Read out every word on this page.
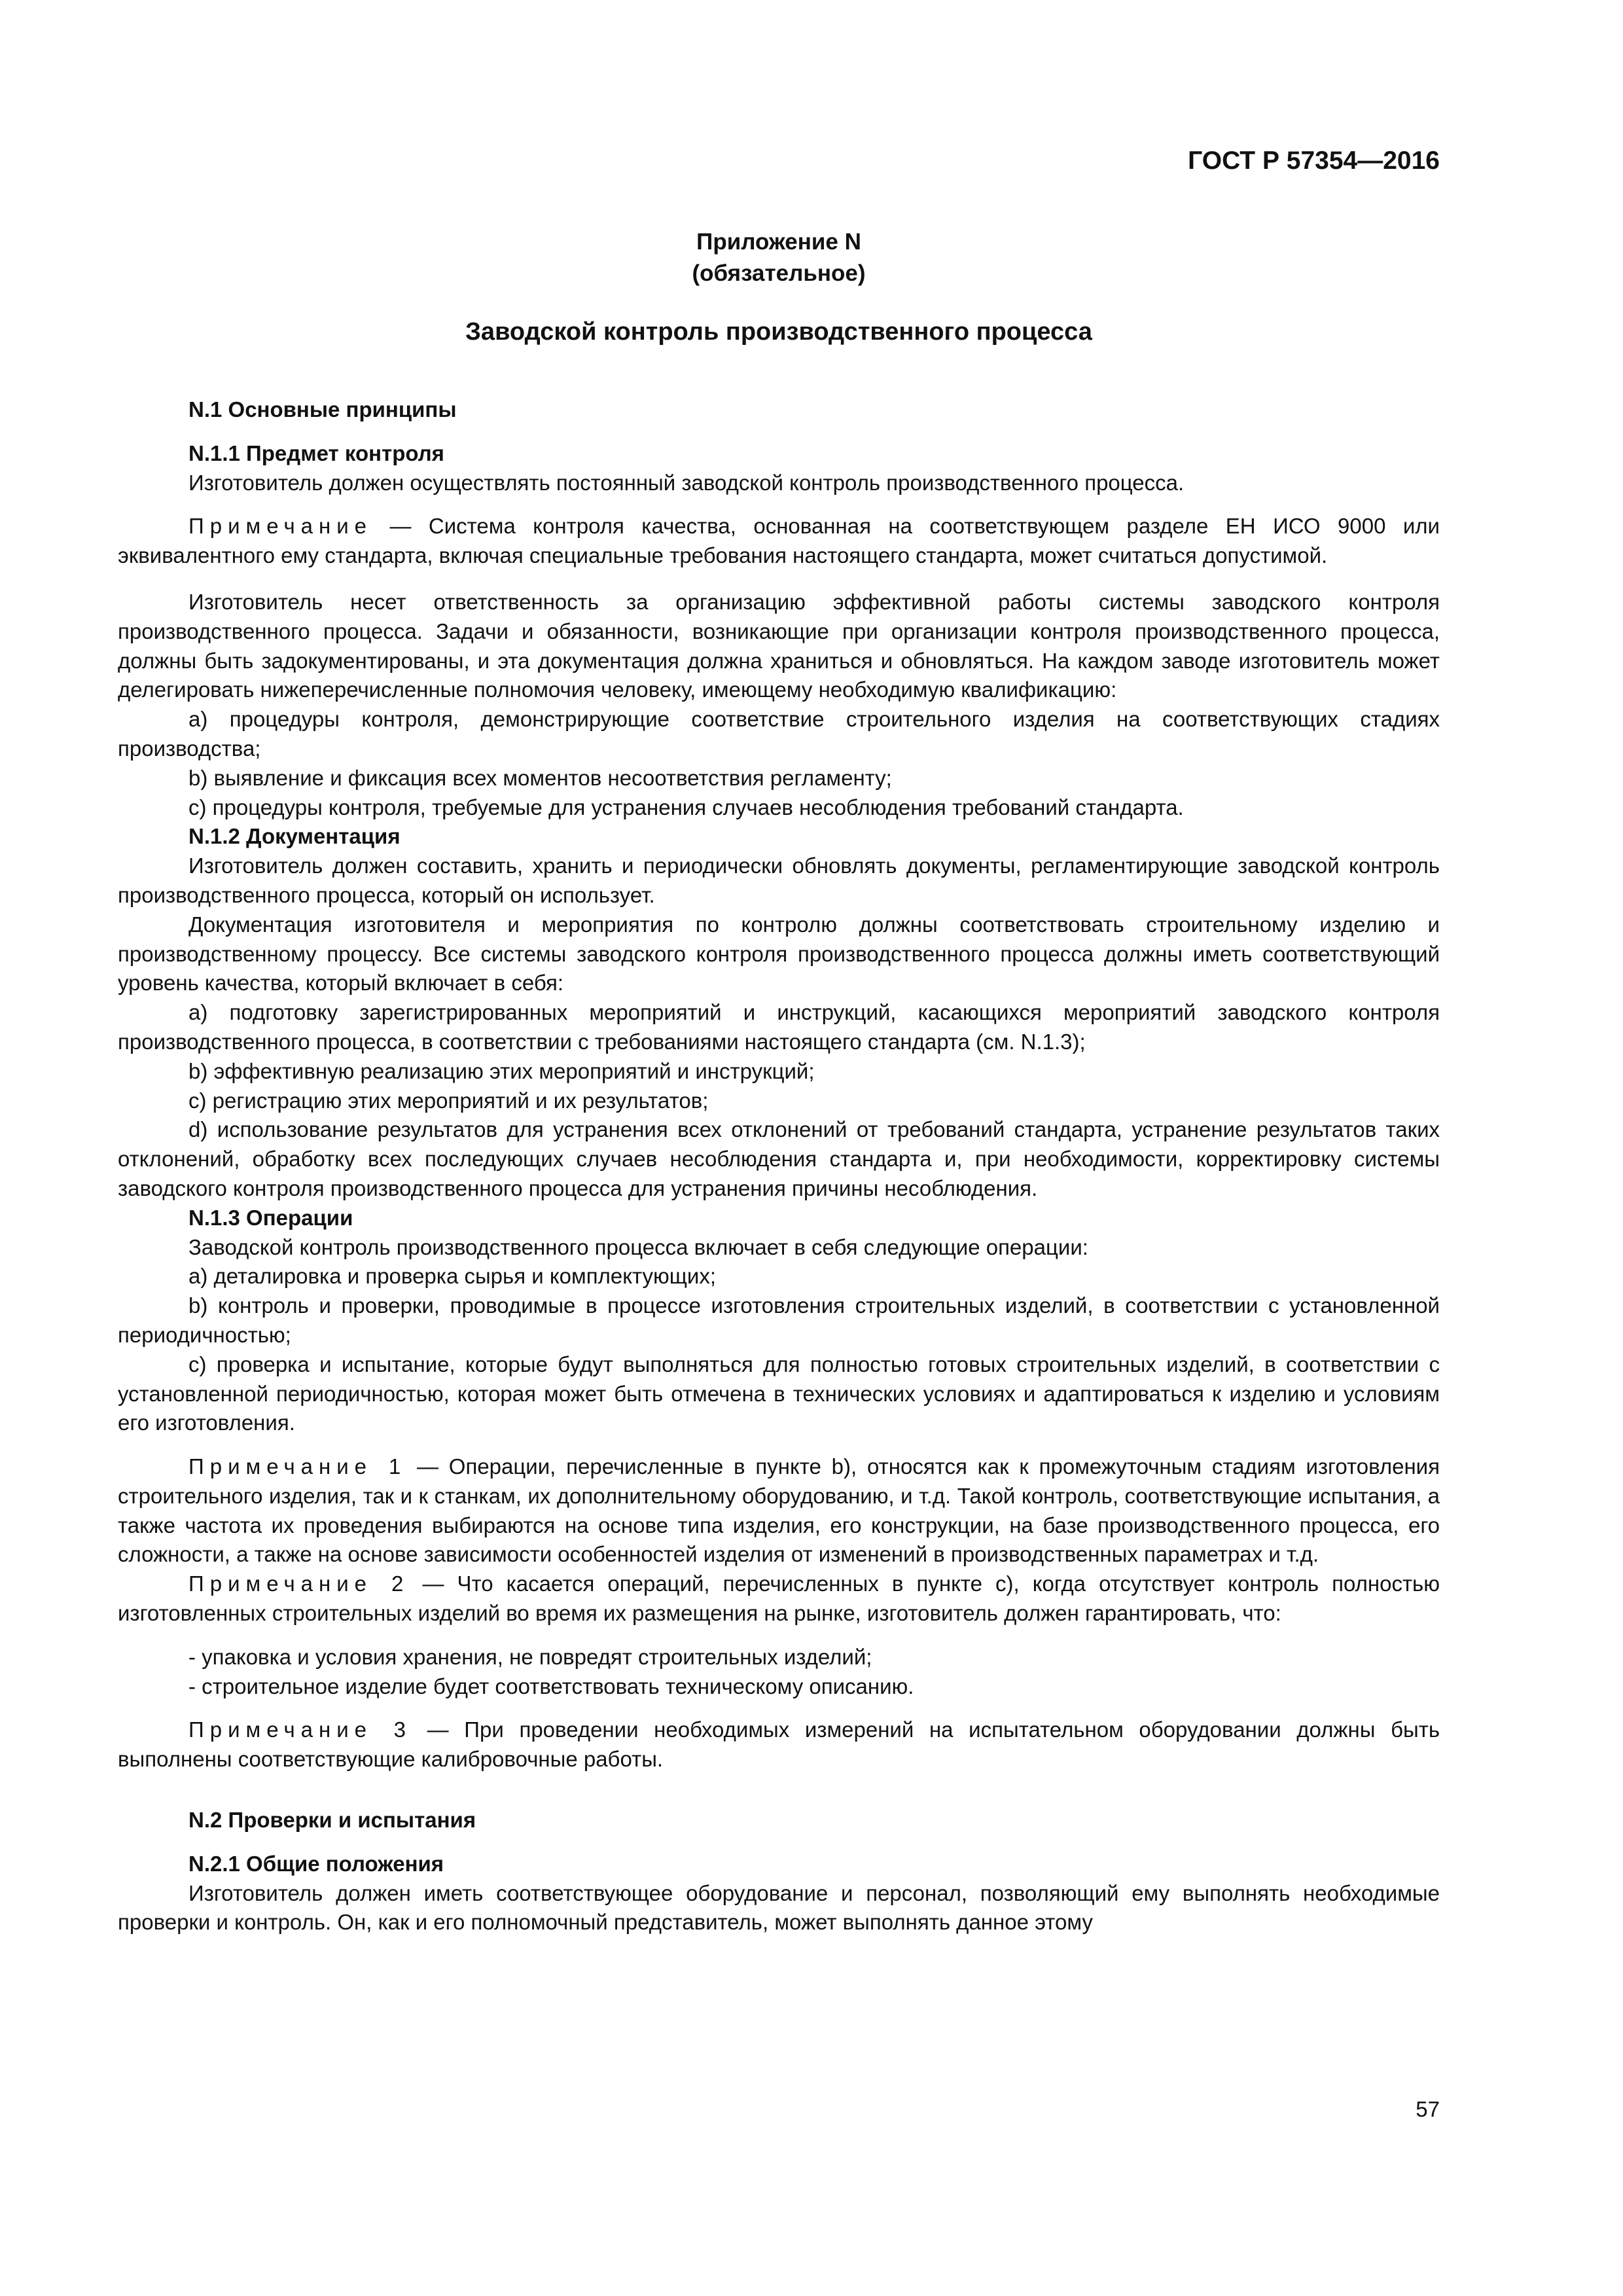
ГОСТ Р 57354—2016
Приложение N
(обязательное)
Заводской контроль производственного процесса

N.1 Основные принципы

N.1.1 Предмет контроля

Изготовитель должен осуществлять постоянный заводской контроль производственного процесса.

Примечание — Система контроля качества, основанная на соответствующем разделе ЕН ИСО 9000 или эквивалентного ему стандарта, включая специальные требования настоящего стандарта, может считаться допустимой.

Изготовитель несет ответственность за организацию эффективной работы системы заводского контроля производственного процесса. Задачи и обязанности, возникающие при организации контроля производственного процесса, должны быть задокументированы, и эта документация должна храниться и обновляться. На каждом заводе изготовитель может делегировать нижеперечисленные полномочия человеку, имеющему необходимую квалификацию:

a) процедуры контроля, демонстрирующие соответствие строительного изделия на соответствующих стадиях производства;

b) выявление и фиксация всех моментов несоответствия регламенту;

c) процедуры контроля, требуемые для устранения случаев несоблюдения требований стандарта.

N.1.2 Документация

Изготовитель должен составить, хранить и периодически обновлять документы, регламентирующие заводской контроль производственного процесса, который он использует.

Документация изготовителя и мероприятия по контролю должны соответствовать строительному изделию и производственному процессу. Все системы заводского контроля производственного процесса должны иметь соответствующий уровень качества, который включает в себя:

a) подготовку зарегистрированных мероприятий и инструкций, касающихся мероприятий заводского контроля производственного процесса, в соответствии с требованиями настоящего стандарта (см. N.1.3);

b) эффективную реализацию этих мероприятий и инструкций;

c) регистрацию этих мероприятий и их результатов;

d) использование результатов для устранения всех отклонений от требований стандарта, устранение результатов таких отклонений, обработку всех последующих случаев несоблюдения стандарта и, при необходимости, корректировку системы заводского контроля производственного процесса для устранения причины несоблюдения.

N.1.3 Операции

Заводской контроль производственного процесса включает в себя следующие операции:

a) деталировка и проверка сырья и комплектующих;

b) контроль и проверки, проводимые в процессе изготовления строительных изделий, в соответствии с установленной периодичностью;

c) проверка и испытание, которые будут выполняться для полностью готовых строительных изделий, в соответствии с установленной периодичностью, которая может быть отмечена в технических условиях и адаптироваться к изделию и условиям его изготовления.

Примечание 1 — Операции, перечисленные в пункте b), относятся как к промежуточным стадиям изготовления строительного изделия, так и к станкам, их дополнительному оборудованию, и т.д. Такой контроль, соответствующие испытания, а также частота их проведения выбираются на основе типа изделия, его конструкции, на базе производственного процесса, его сложности, а также на основе зависимости особенностей изделия от изменений в производственных параметрах и т.д.

Примечание 2 — Что касается операций, перечисленных в пункте c), когда отсутствует контроль полностью изготовленных строительных изделий во время их размещения на рынке, изготовитель должен гарантировать, что:

- упаковка и условия хранения, не повредят строительных изделий;

- строительное изделие будет соответствовать техническому описанию.

Примечание 3 — При проведении необходимых измерений на испытательном оборудовании должны быть выполнены соответствующие калибровочные работы.

N.2 Проверки и испытания

N.2.1 Общие положения

Изготовитель должен иметь соответствующее оборудование и персонал, позволяющий ему выполнять необходимые проверки и контроль. Он, как и его полномочный представитель, может выполнять данное этому

57
